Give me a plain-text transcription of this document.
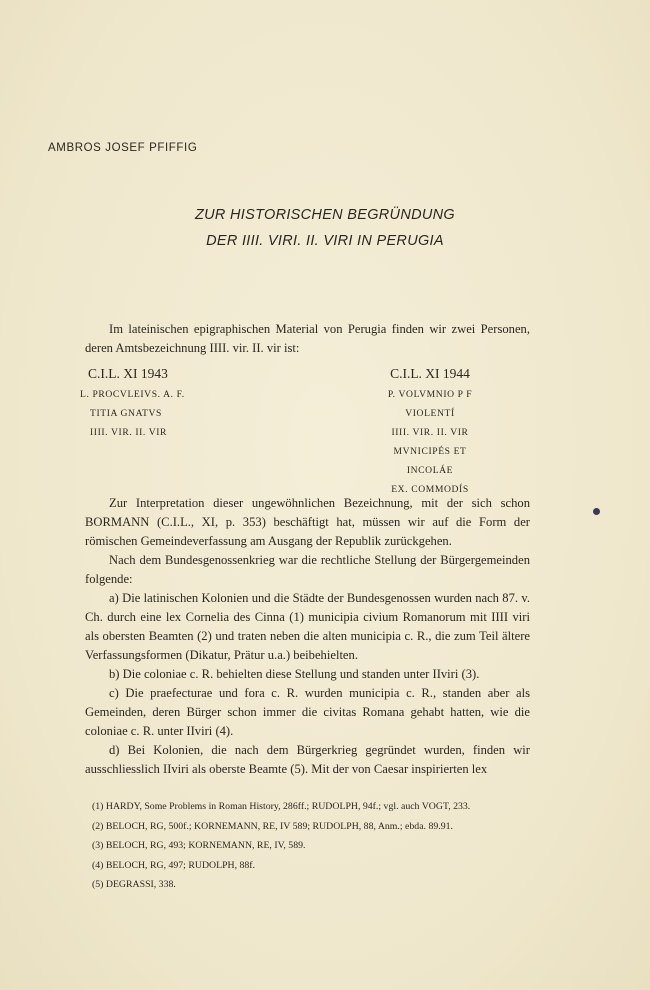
AMBROS JOSEF PFIFFIG
ZUR HISTORISCHEN BEGRÜNDUNG
DER IIII. VIRI. II. VIRI IN PERUGIA

Im lateinischen epigraphischen Material von Perugia finden wir zwei Personen, deren Amtsbezeichnung IIII. vir. II. vir ist:

C.I.L. XI 1943
L. PROCVLEIVS. A. F.
TITIA GNATVS
IIII. VIR. II. VIR
C.I.L. XI 1944
P. VOLVMNIO P F
VIOLENTÍ
IIII. VIR. II. VIR
MVNICIPÉS ET
INCOLÁE
EX. COMMODÍS

Zur Interpretation dieser ungewöhnlichen Bezeichnung, mit der sich schon BORMANN (C.I.L., XI, p. 353) beschäftigt hat, müssen wir auf die Form der römischen Gemeindeverfassung am Ausgang der Republik zurückgehen.

Nach dem Bundesgenossenkrieg war die rechtliche Stellung der Bürgergemeinden folgende:

a) Die latinischen Kolonien und die Städte der Bundesgenossen wurden nach 87. v. Ch. durch eine lex Cornelia des Cinna (1) municipia civium Romanorum mit IIII viri als obersten Beamten (2) und traten neben die alten municipia c. R., die zum Teil ältere Verfassungsformen (Dikatur, Prätur u.a.) beibehielten.

b) Die coloniae c. R. behielten diese Stellung und standen unter IIviri (3).

c) Die praefecturae und fora c. R. wurden municipia c. R., standen aber als Gemeinden, deren Bürger schon immer die civitas Romana gehabt hatten, wie die coloniae c. R. unter IIviri (4).

d) Bei Kolonien, die nach dem Bürgerkrieg gegründet wurden, finden wir ausschliesslich IIviri als oberste Beamte (5). Mit der von Caesar inspirierten lex

(1) HARDY, Some Problems in Roman History, 286ff.; RUDOLPH, 94f.; vgl. auch VOGT, 233.
(2) BELOCH, RG, 500f.; KORNEMANN, RE, IV 589; RUDOLPH, 88, Anm.; ebda. 89.91.
(3) BELOCH, RG, 493; KORNEMANN, RE, IV, 589.
(4) BELOCH, RG, 497; RUDOLPH, 88f.
(5) DEGRASSI, 338.
